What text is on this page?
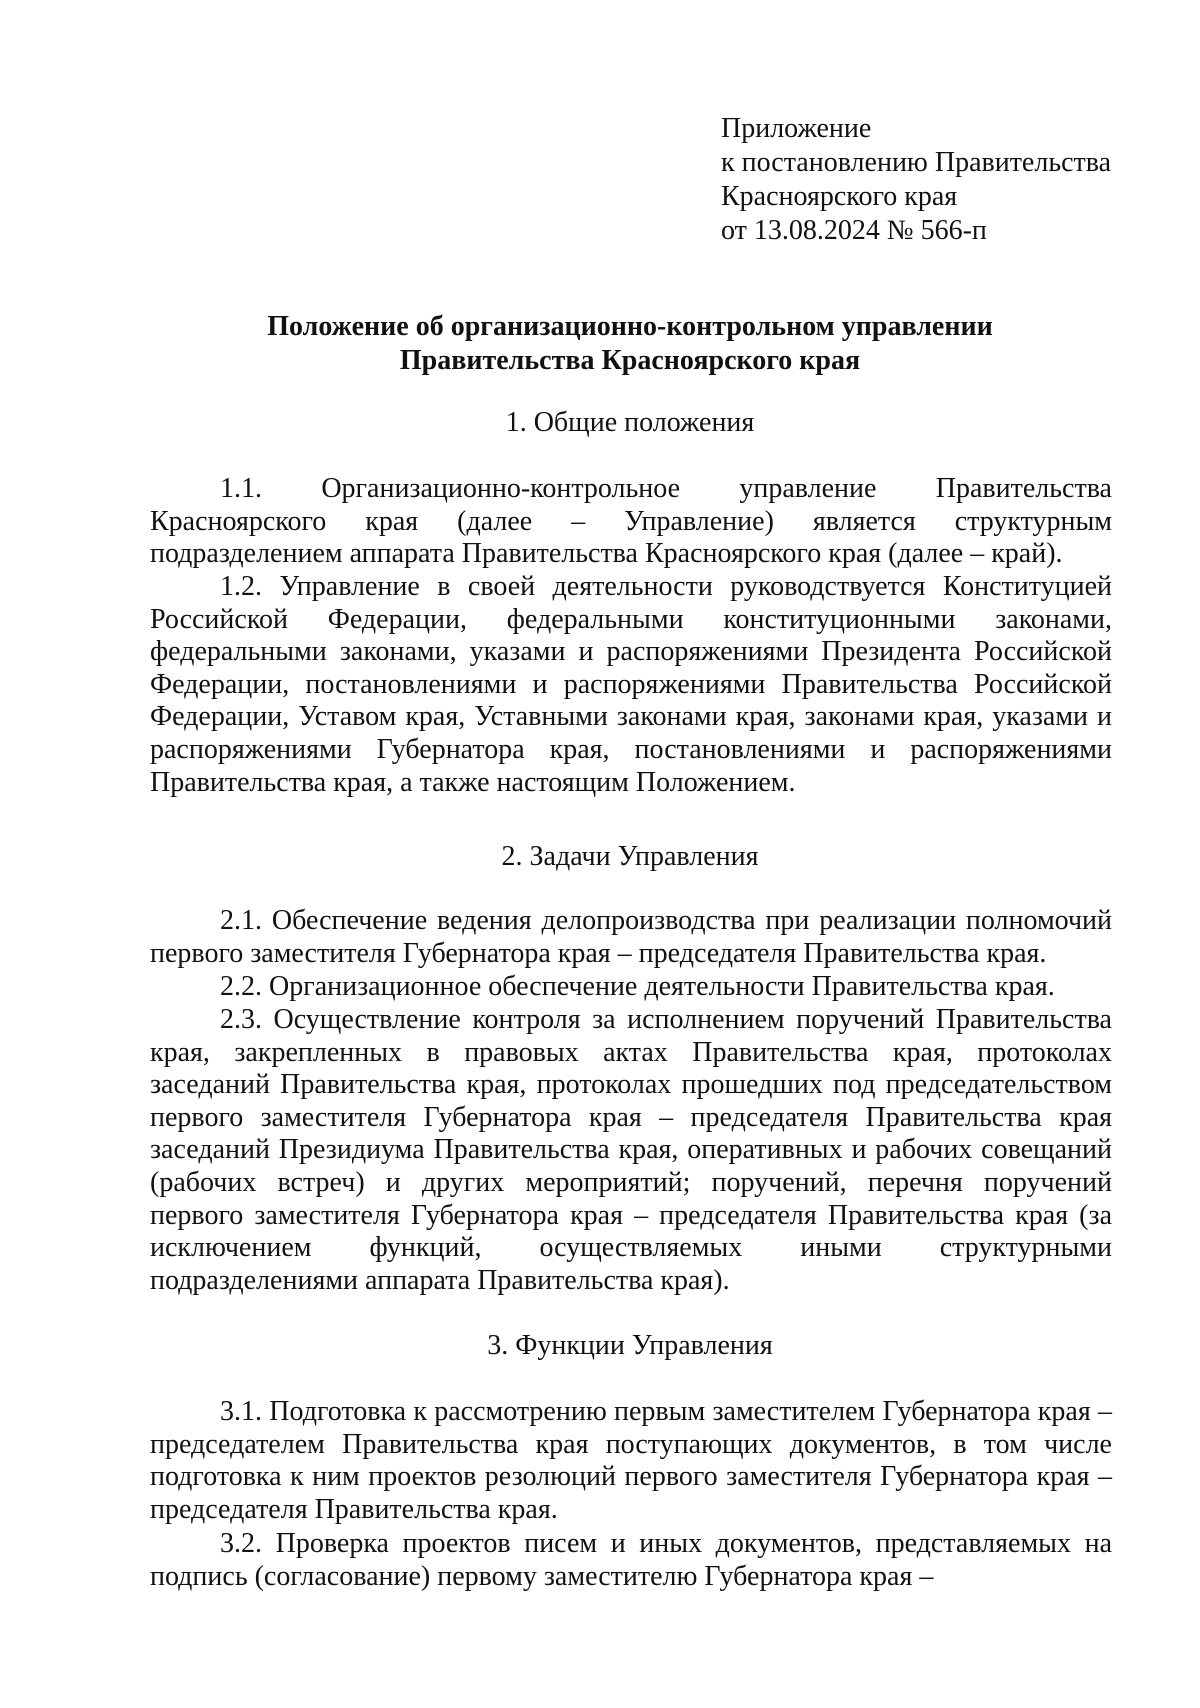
Приложение
к постановлению Правительства
Красноярского края
от 13.08.2024 № 566-п
Положение об организационно-контрольном управлении
Правительства Красноярского края
1. Общие положения
1.1. Организационно-контрольное управление Правительства Красноярского края (далее – Управление) является структурным подразделением аппарата Правительства Красноярского края (далее – край).
1.2. Управление в своей деятельности руководствуется Конституцией Российской Федерации, федеральными конституционными законами, федеральными законами, указами и распоряжениями Президента Российской Федерации, постановлениями и распоряжениями Правительства Российской Федерации, Уставом края, Уставными законами края, законами края, указами и распоряжениями Губернатора края, постановлениями и распоряжениями Правительства края, а также настоящим Положением.
2. Задачи Управления
2.1. Обеспечение ведения делопроизводства при реализации полномочий первого заместителя Губернатора края – председателя Правительства края.
2.2. Организационное обеспечение деятельности Правительства края.
2.3. Осуществление контроля за исполнением поручений Правительства края, закрепленных в правовых актах Правительства края, протоколах заседаний Правительства края, протоколах прошедших под председательством первого заместителя Губернатора края – председателя Правительства края заседаний Президиума Правительства края, оперативных и рабочих совещаний (рабочих встреч) и других мероприятий; поручений, перечня поручений первого заместителя Губернатора края – председателя Правительства края (за исключением функций, осуществляемых иными структурными подразделениями аппарата Правительства края).
3. Функции Управления
3.1. Подготовка к рассмотрению первым заместителем Губернатора края – председателем Правительства края поступающих документов, в том числе подготовка к ним проектов резолюций первого заместителя Губернатора края – председателя Правительства края.
3.2. Проверка проектов писем и иных документов, представляемых на подпись (согласование) первому заместителю Губернатора края –
